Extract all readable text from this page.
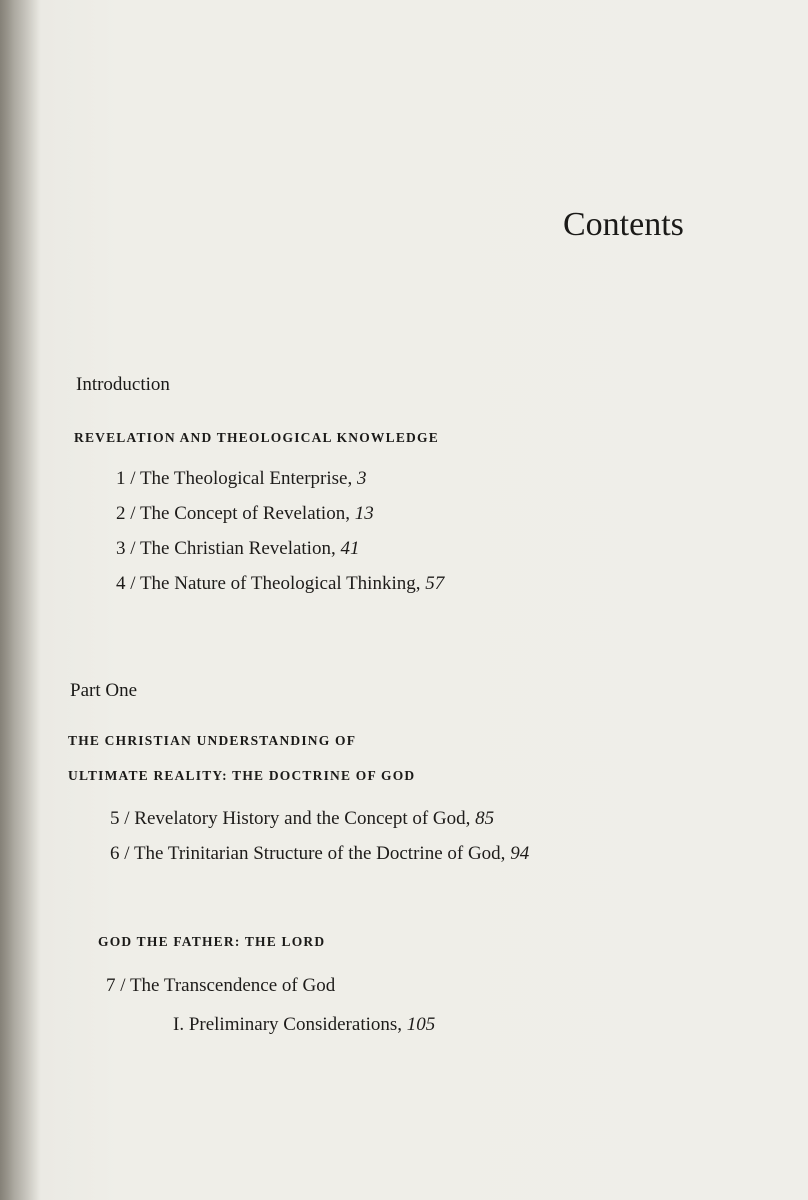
Contents
Introduction
REVELATION AND THEOLOGICAL KNOWLEDGE
1 / The Theological Enterprise, 3
2 / The Concept of Revelation, 13
3 / The Christian Revelation, 41
4 / The Nature of Theological Thinking, 57
Part One
THE CHRISTIAN UNDERSTANDING OF
ULTIMATE REALITY: THE DOCTRINE OF GOD
5 / Revelatory History and the Concept of God, 85
6 / The Trinitarian Structure of the Doctrine of God, 94
GOD THE FATHER: THE LORD
7 / The Transcendence of God
I. Preliminary Considerations, 105
